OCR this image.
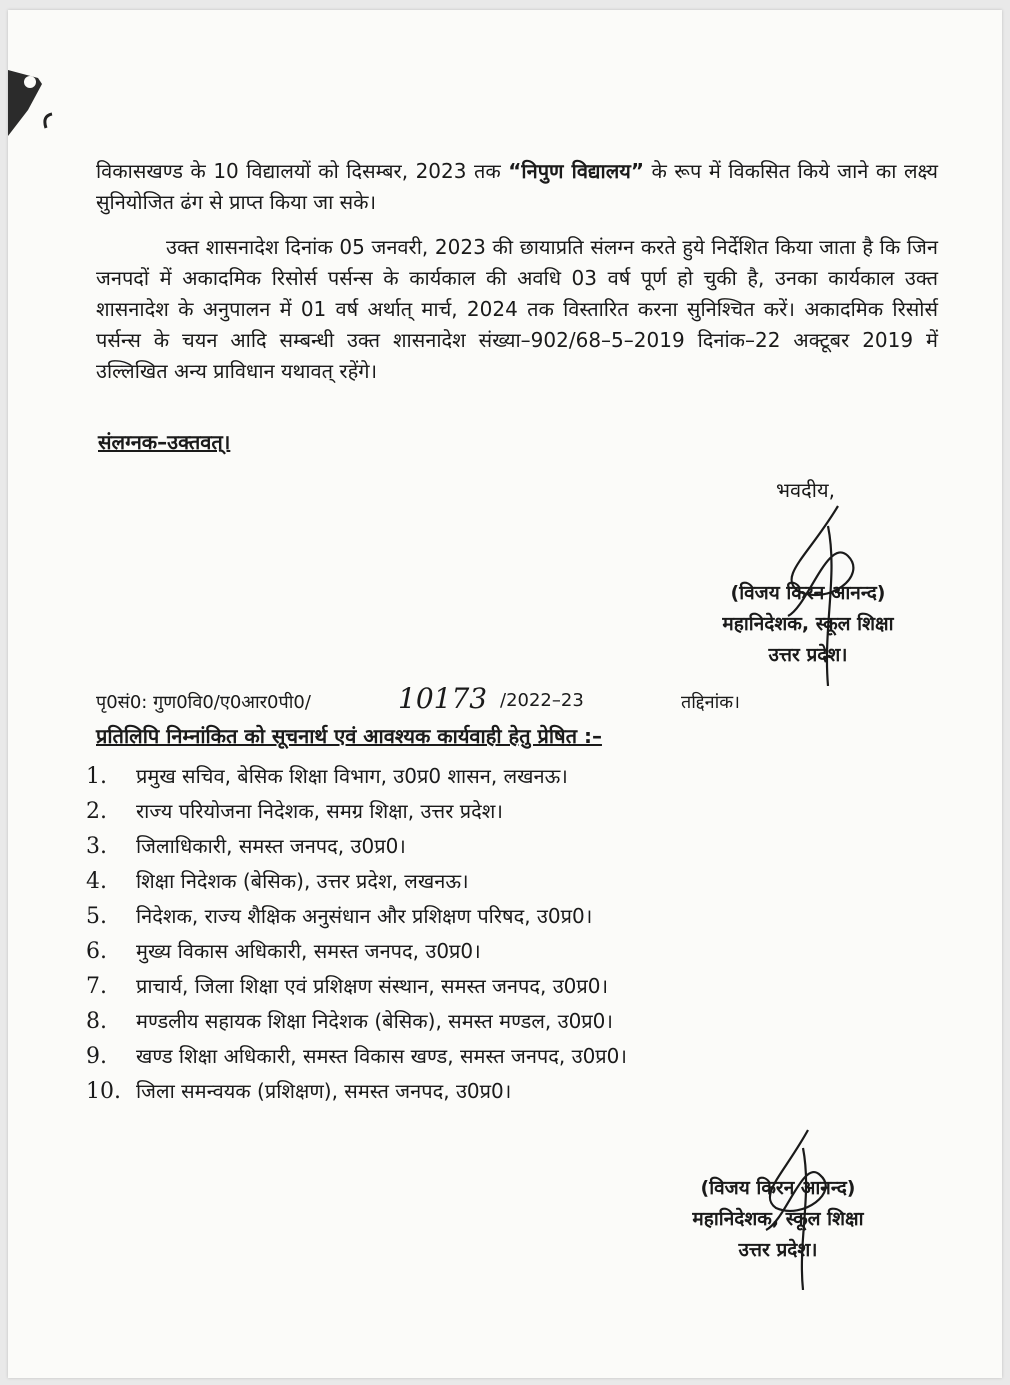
विकासखण्ड के 10 विद्यालयों को दिसम्बर, 2023 तक “निपुण विद्यालय” के रूप में विकसित किये जाने का लक्ष्य सुनियोजित ढंग से प्राप्त किया जा सके।
उक्त शासनादेश दिनांक 05 जनवरी, 2023 की छायाप्रति संलग्न करते हुये निर्देशित किया जाता है कि जिन जनपदों में अकादमिक रिसोर्स पर्सन्स के कार्यकाल की अवधि 03 वर्ष पूर्ण हो चुकी है, उनका कार्यकाल उक्त शासनादेश के अनुपालन में 01 वर्ष अर्थात् मार्च, 2024 तक विस्तारित करना सुनिश्चित करें। अकादमिक रिसोर्स पर्सन्स के चयन आदि सम्बन्धी उक्त शासनादेश संख्या–902/68–5–2019 दिनांक–22 अक्टूबर 2019 में उल्लिखित अन्य प्राविधान यथावत् रहेंगे।
संलग्नक–उक्तवत्।
भवदीय,
(विजय किरन आनन्द)
महानिदेशक, स्कूल शिक्षा
उत्तर प्रदेश।
पृ0सं0: गुण0वि0/ए0आर0पी0/	10173 /2022–23	तद्दिनांक।
प्रतिलिपि निम्नांकित को सूचनार्थ एवं आवश्यक कार्यवाही हेतु प्रेषित :–
1. प्रमुख सचिव, बेसिक शिक्षा विभाग, उ0प्र0 शासन, लखनऊ।
2. राज्य परियोजना निदेशक, समग्र शिक्षा, उत्तर प्रदेश।
3. जिलाधिकारी, समस्त जनपद, उ0प्र0।
4. शिक्षा निदेशक (बेसिक), उत्तर प्रदेश, लखनऊ।
5. निदेशक, राज्य शैक्षिक अनुसंधान और प्रशिक्षण परिषद, उ0प्र0।
6. मुख्य विकास अधिकारी, समस्त जनपद, उ0प्र0।
7. प्राचार्य, जिला शिक्षा एवं प्रशिक्षण संस्थान, समस्त जनपद, उ0प्र0।
8. मण्डलीय सहायक शिक्षा निदेशक (बेसिक), समस्त मण्डल, उ0प्र0।
9. खण्ड शिक्षा अधिकारी, समस्त विकास खण्ड, समस्त जनपद, उ0प्र0।
10. जिला समन्वयक (प्रशिक्षण), समस्त जनपद, उ0प्र0।
(विजय किरन आनन्द)
महानिदेशक, स्कूल शिक्षा
उत्तर प्रदेश।
